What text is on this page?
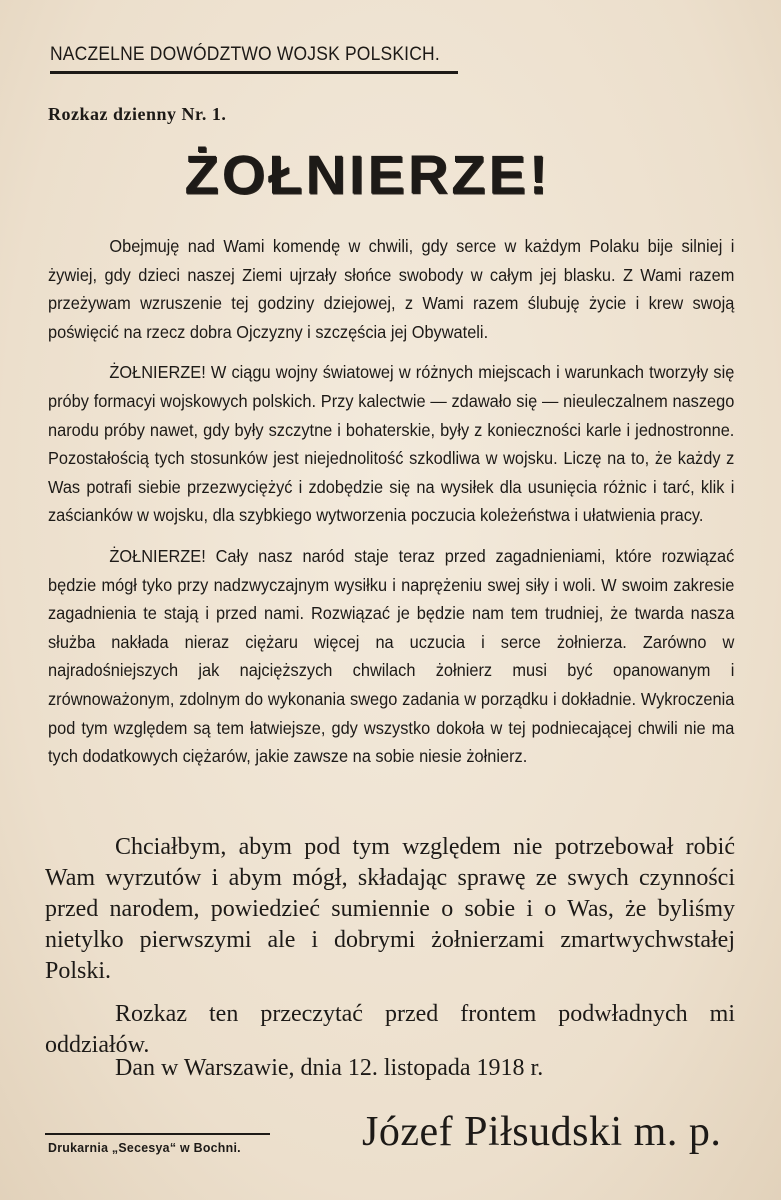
NACZELNE DOWÓDZTWO WOJSK POLSKICH.
Rozkaz dzienny Nr. 1.
ŻOŁNIERZE!

Obejmuję nad Wami komendę w chwili, gdy serce w każdym Polaku bije silniej i żywiej, gdy dzieci naszej Ziemi ujrzały słońce swobody w całym jej blasku. Z Wami razem przeżywam wzruszenie tej godziny dziejowej, z Wami razem ślubuję życie i krew swoją poświęcić na rzecz dobra Ojczyzny i szczęścia jej Obywateli.

ŻOŁNIERZE! W ciągu wojny światowej w różnych miejscach i warunkach tworzyły się próby formacyi wojskowych polskich. Przy kalectwie — zdawało się — nieuleczalnem naszego narodu próby nawet, gdy były szczytne i bohaterskie, były z konieczności karle i jednostronne. Pozostałością tych stosunków jest niejednolitość szkodliwa w wojsku. Liczę na to, że każdy z Was potrafi siebie przezwyciężyć i zdobędzie się na wysiłek dla usunięcia różnic i tarć, klik i zaścianków w wojsku, dla szybkiego wytworzenia poczucia koleżeństwa i ułatwienia pracy.

ŻOŁNIERZE! Cały nasz naród staje teraz przed zagadnieniami, które rozwiązać będzie mógł tyko przy nadzwyczajnym wysiłku i naprężeniu swej siły i woli. W swoim zakresie zagadnienia te stają i przed nami. Rozwiązać je będzie nam tem trudniej, że twarda nasza służba nakłada nieraz ciężaru więcej na uczucia i serce żołnierza. Zarówno w najradośniejszych jak najcięższych chwilach żołnierz musi być opanowanym i zrównoważonym, zdolnym do wykonania swego zadania w porządku i dokładnie. Wykroczenia pod tym względem są tem łatwiejsze, gdy wszystko dokoła w tej podniecającej chwili nie ma tych dodatkowych ciężarów, jakie zawsze na sobie niesie żołnierz.

Chciałbym, abym pod tym względem nie potrzebował robić Wam wyrzutów i abym mógł, składając sprawę ze swych czynności przed narodem, powiedzieć sumiennie o sobie i o Was, że byliśmy nietylko pierwszymi ale i dobrymi żołnierzami zmartwychwstałej Polski.

Rozkaz ten przeczytać przed frontem podwładnych mi oddziałów.

Dan w Warszawie, dnia 12. listopada 1918 r.
Drukarnia „Secesya“ w Bochni.	Józef Piłsudski m. p.
